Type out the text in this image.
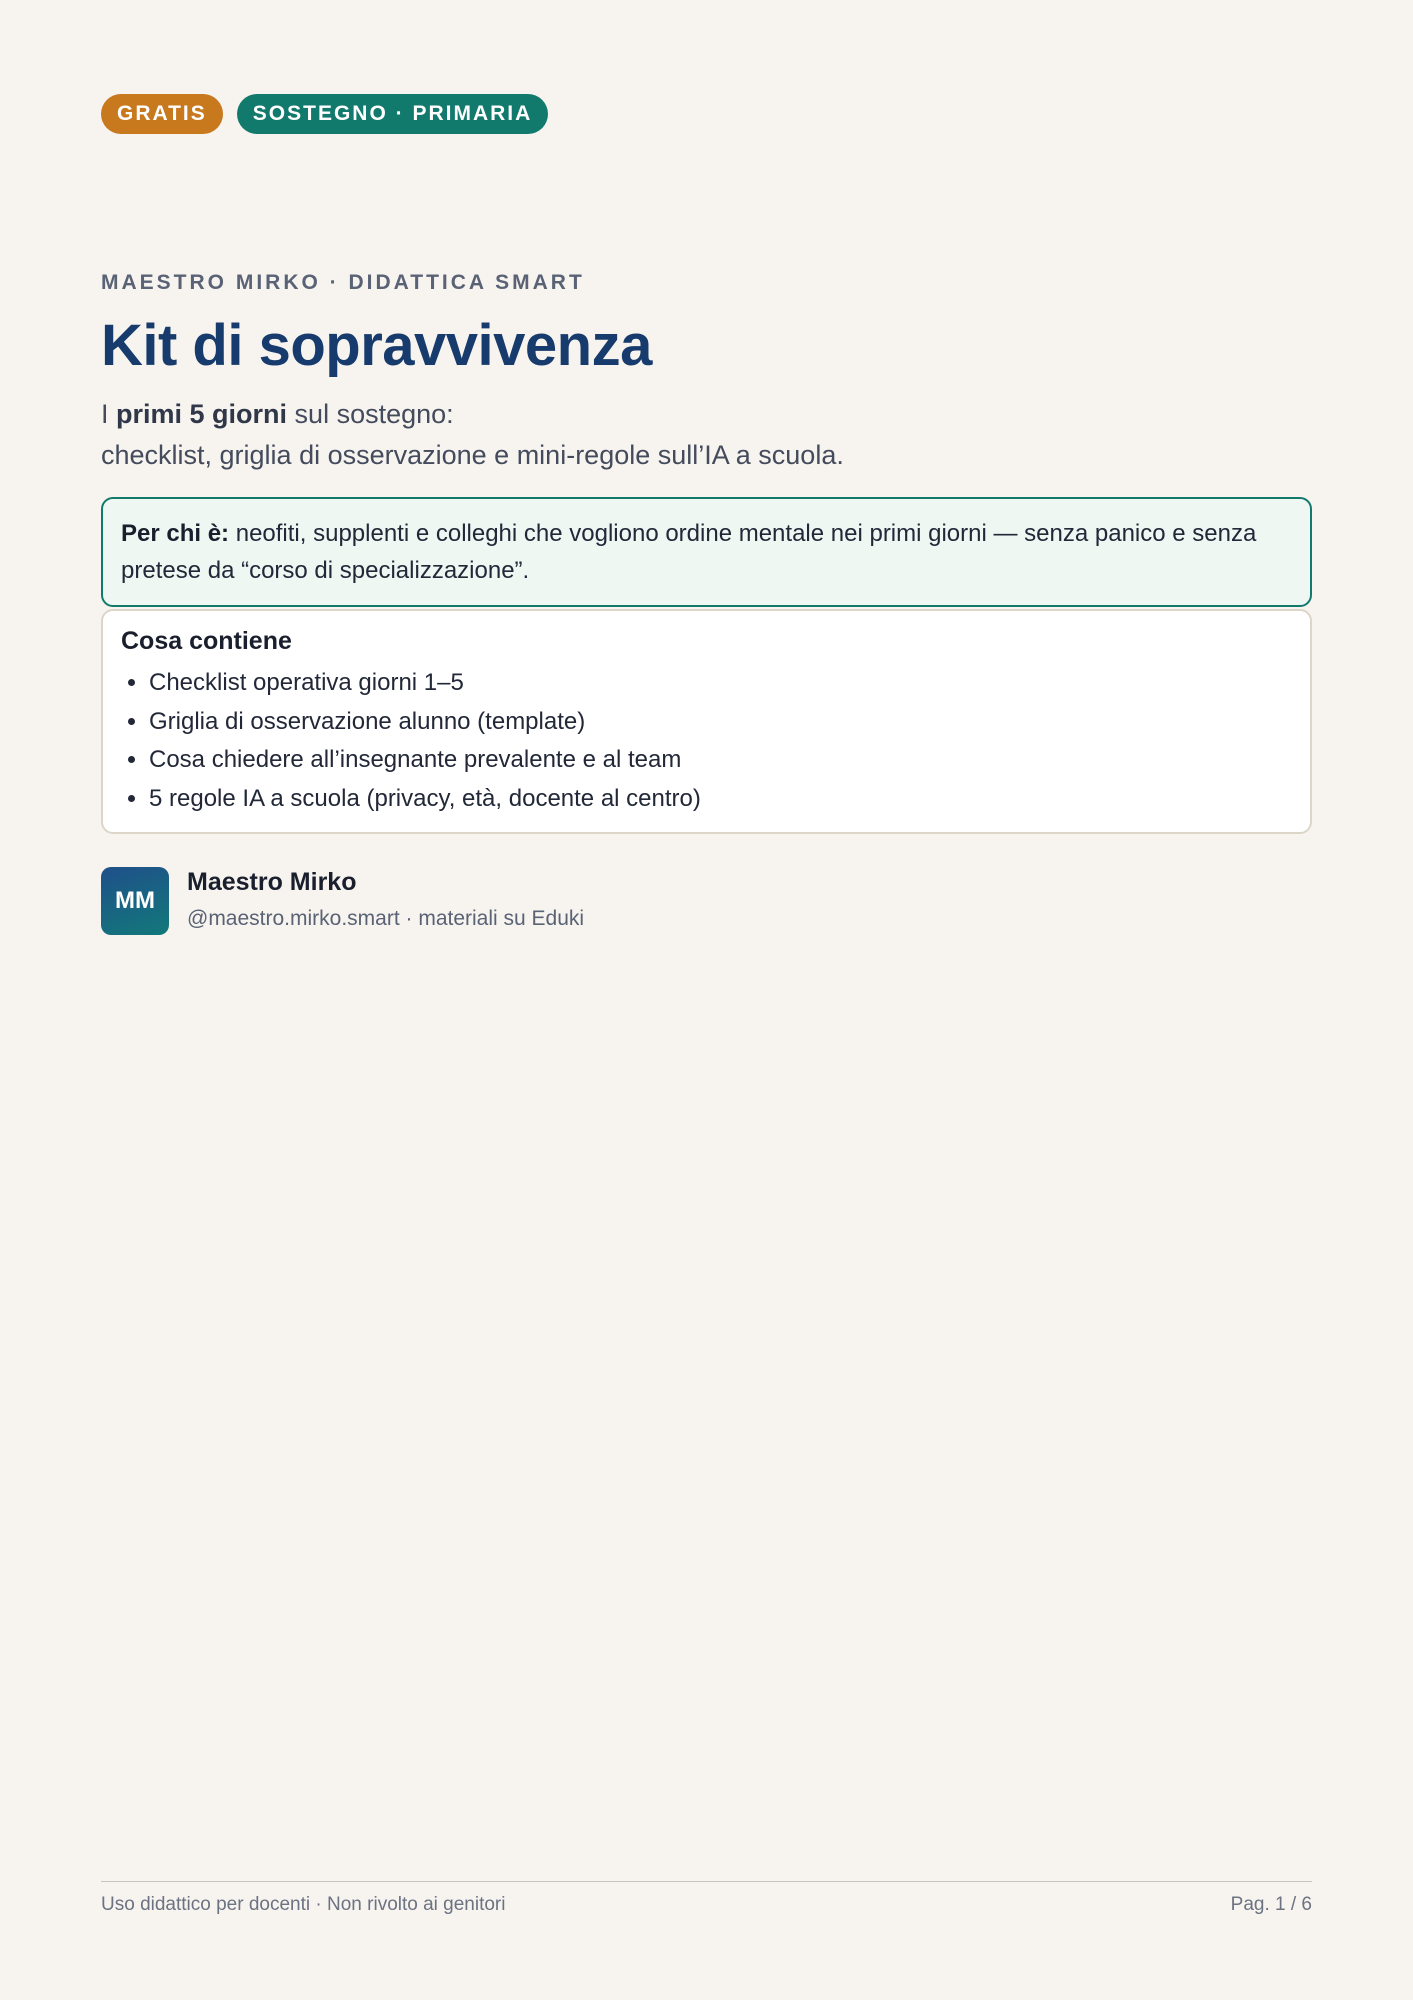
GRATIS	SOSTEGNO · PRIMARIA
MAESTRO MIRKO · DIDATTICA SMART
Kit di sopravvivenza
I primi 5 giorni sul sostegno:
checklist, griglia di osservazione e mini-regole sull’IA a scuola.
Per chi è: neofiti, supplenti e colleghi che vogliono ordine mentale nei primi giorni — senza panico e senza pretese da “corso di specializzazione”.
Cosa contiene
• Checklist operativa giorni 1–5
• Griglia di osservazione alunno (template)
• Cosa chiedere all’insegnante prevalente e al team
• 5 regole IA a scuola (privacy, età, docente al centro)
MM
Maestro Mirko
@maestro.mirko.smart · materiali su Eduki
Uso didattico per docenti · Non rivolto ai genitori	Pag. 1 / 6
